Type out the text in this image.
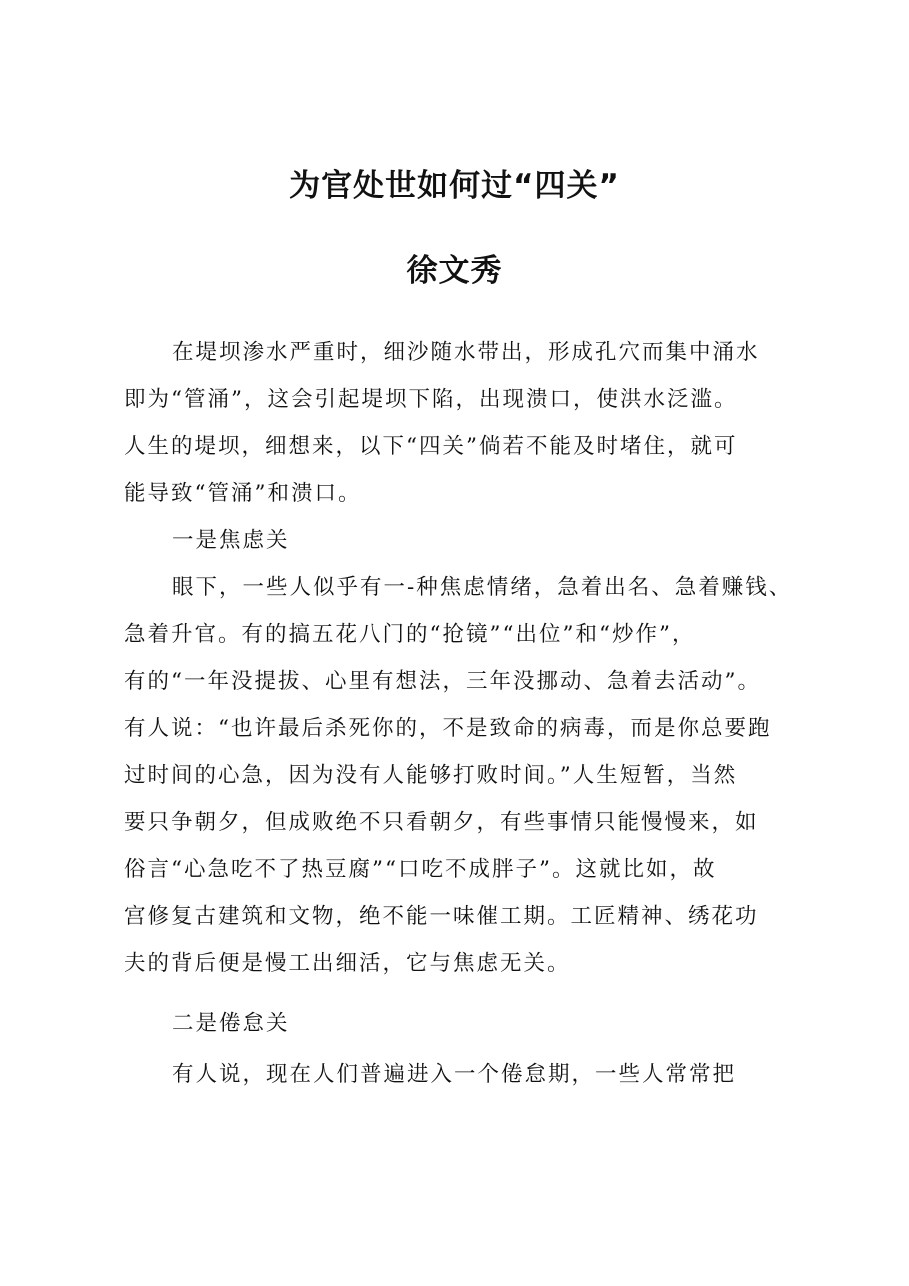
为官处世如何过“四关”
徐文秀
在堤坝渗水严重时，细沙随水带出，形成孔穴而集中涌水
即为“管涌”，这会引起堤坝下陷，出现溃口，使洪水泛滥。
人生的堤坝，细想来，以下“四关”倘若不能及时堵住，就可
能导致“管涌”和溃口。
一是焦虑关
眼下，一些人似乎有一-种焦虑情绪，急着出名、急着赚钱、
急着升官。有的搞五花八门的“抢镜”“出位”和“炒作”，
有的“一年没提拔、心里有想法，三年没挪动、急着去活动”。
有人说：“也许最后杀死你的，不是致命的病毒，而是你总要跑
过时间的心急，因为没有人能够打败时间。”人生短暂，当然
要只争朝夕，但成败绝不只看朝夕，有些事情只能慢慢来，如
俗言“心急吃不了热豆腐”“口吃不成胖子”。这就比如，故
宫修复古建筑和文物，绝不能一味催工期。工匠精神、绣花功
夫的背后便是慢工出细活，它与焦虑无关。
二是倦怠关
有人说，现在人们普遍进入一个倦怠期，一些人常常把
